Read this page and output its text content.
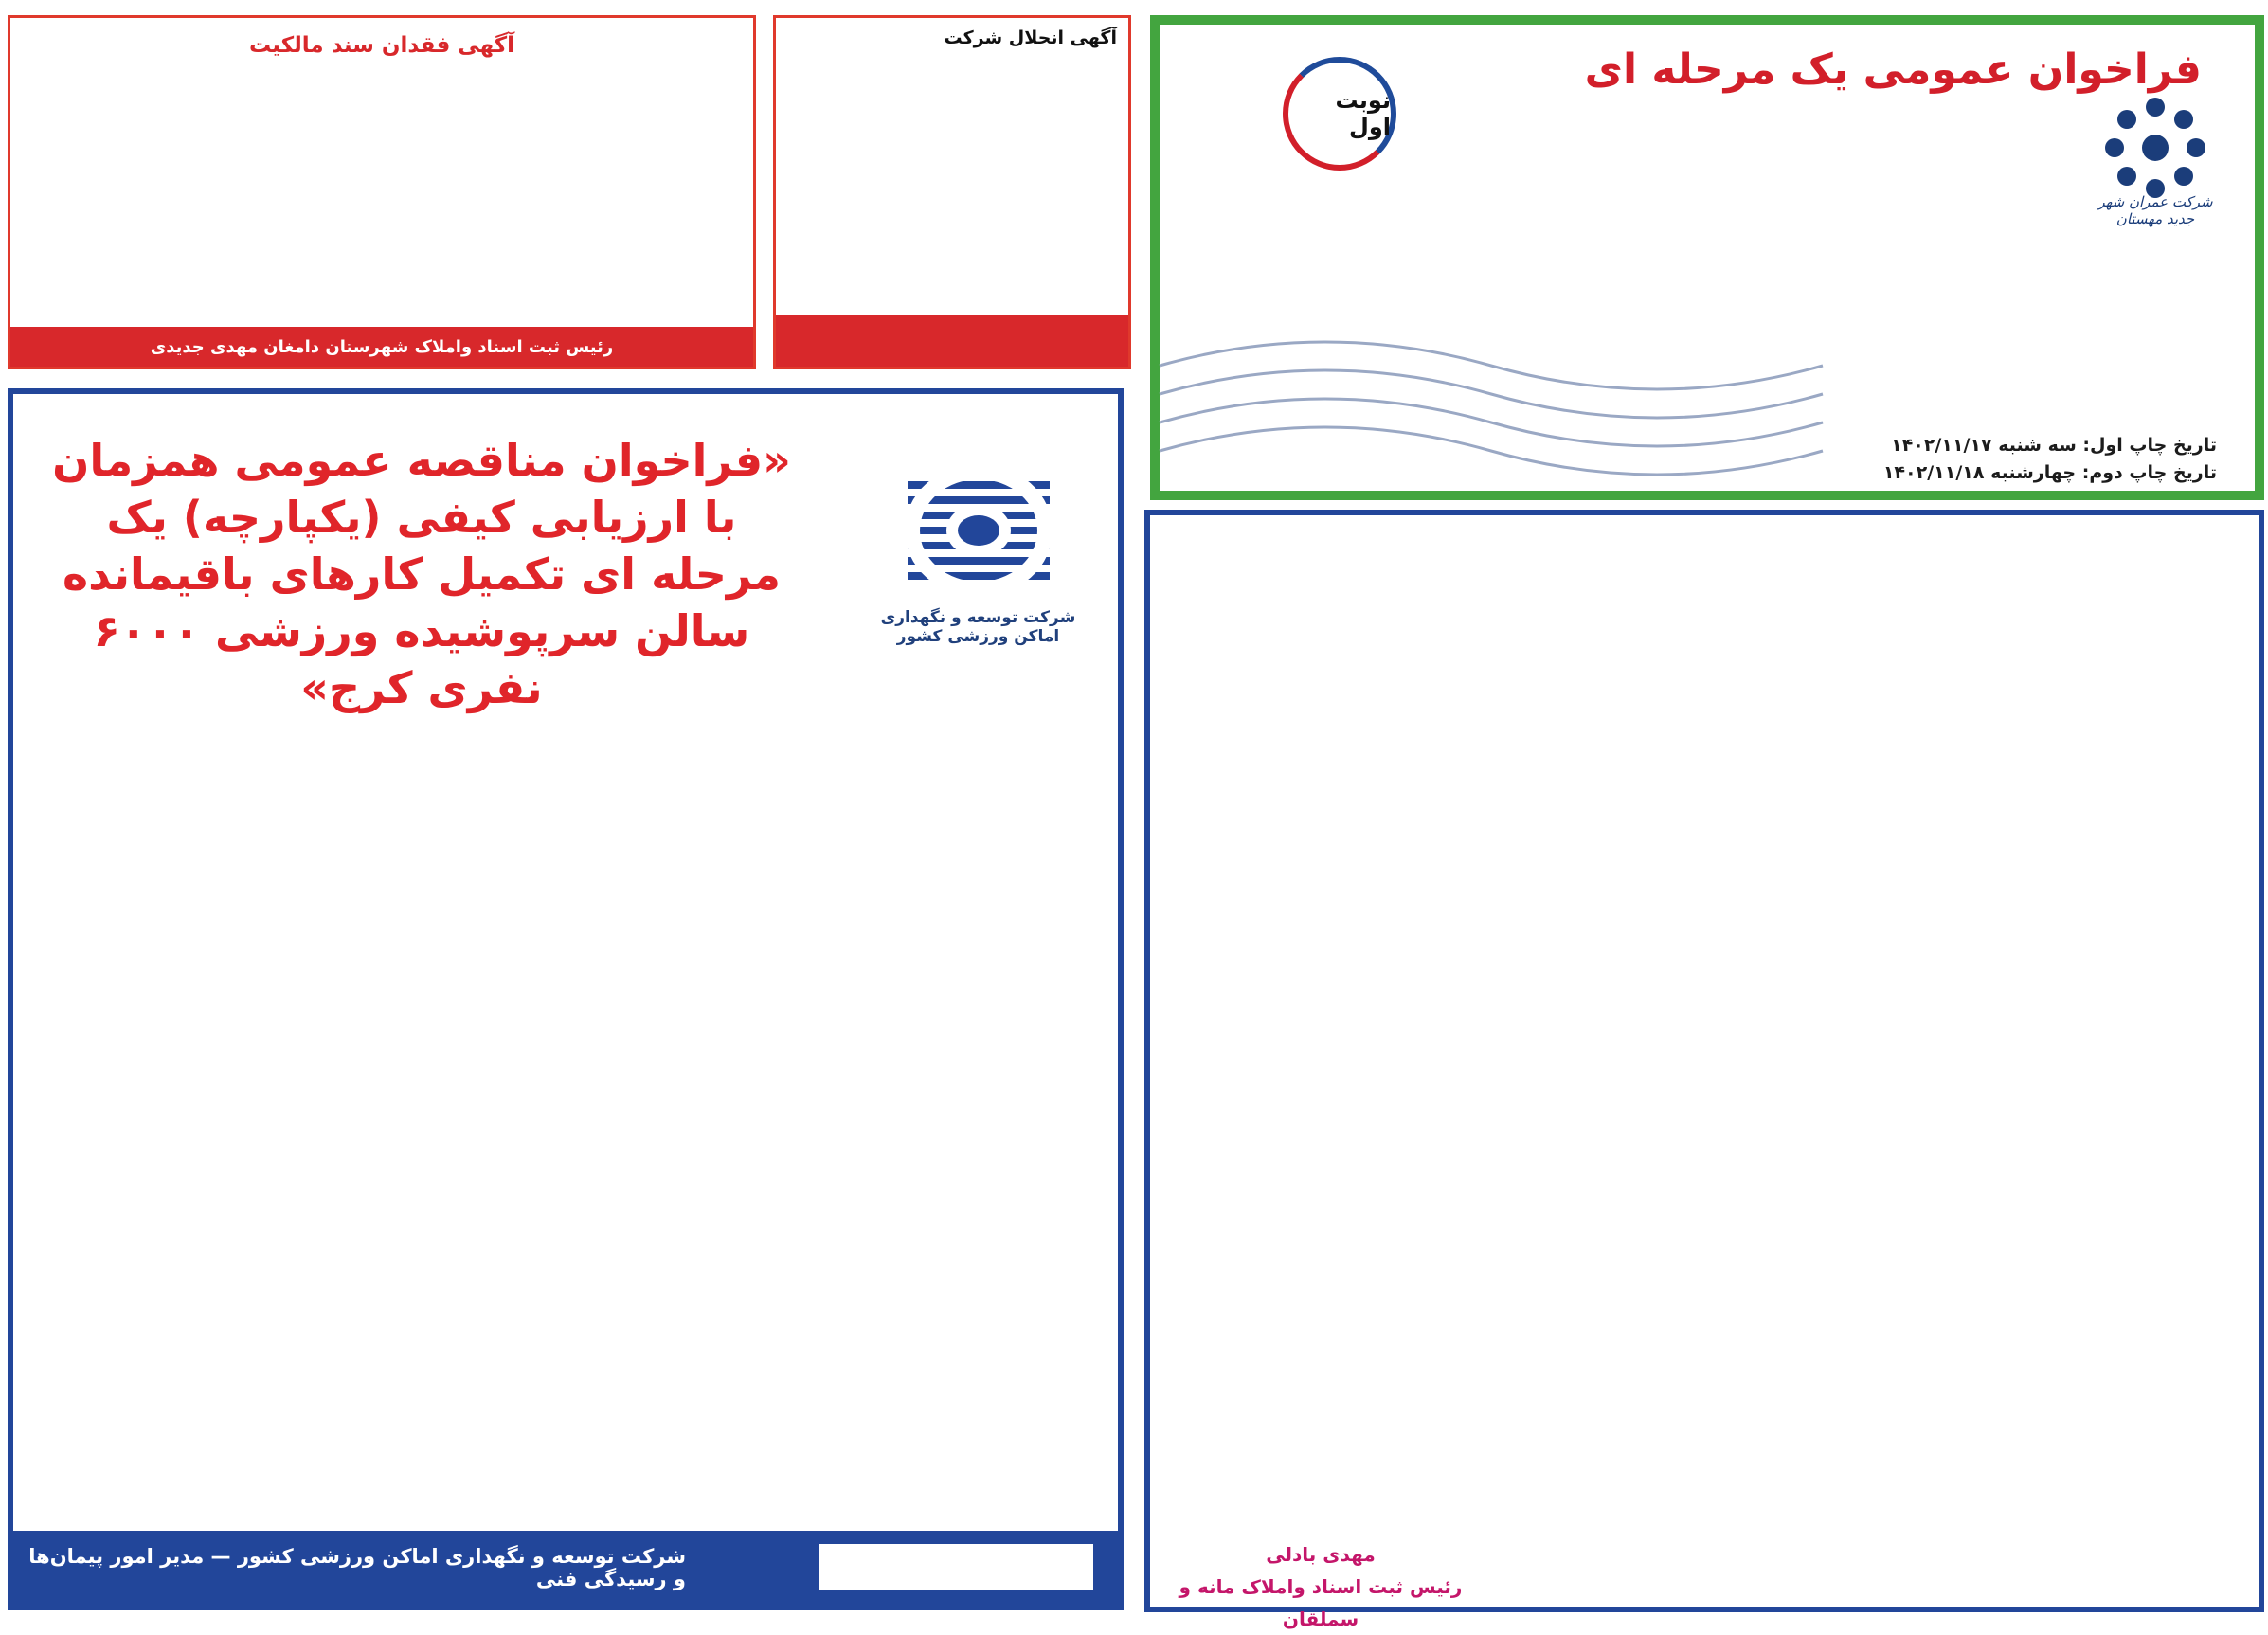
فراخوان عمومی یک مرحله ای
نوبت اول
شرکت عمران شهر جدید مهستان
تاریخ چاپ اول: سه شنبه ۱۴۰۲/۱۱/۱۷
تاریخ چاپ دوم: چهارشنبه ۱۴۰۲/۱۱/۱۸
آگهی انحلال شرکت
آگهی فقدان سند مالکیت
رئیس ثبت اسناد واملاک شهرستان دامغان مهدی جدیدی
«فراخوان مناقصه عمومی همزمان با ارزیابی کیفی (یکپارچه) یک مرحله ای تکمیل کارهای باقیمانده سالن سرپوشیده ورزشی ۶۰۰۰ نفری کرج»
شرکت توسعه و نگهداری اماکن ورزشی کشور
شرکت توسعه و نگهداری اماکن ورزشی کشور — مدیر امور پیمان‌ها و رسیدگی فنی
مهدی بادلی
رئیس ثبت اسناد واملاک مانه و سملقان
